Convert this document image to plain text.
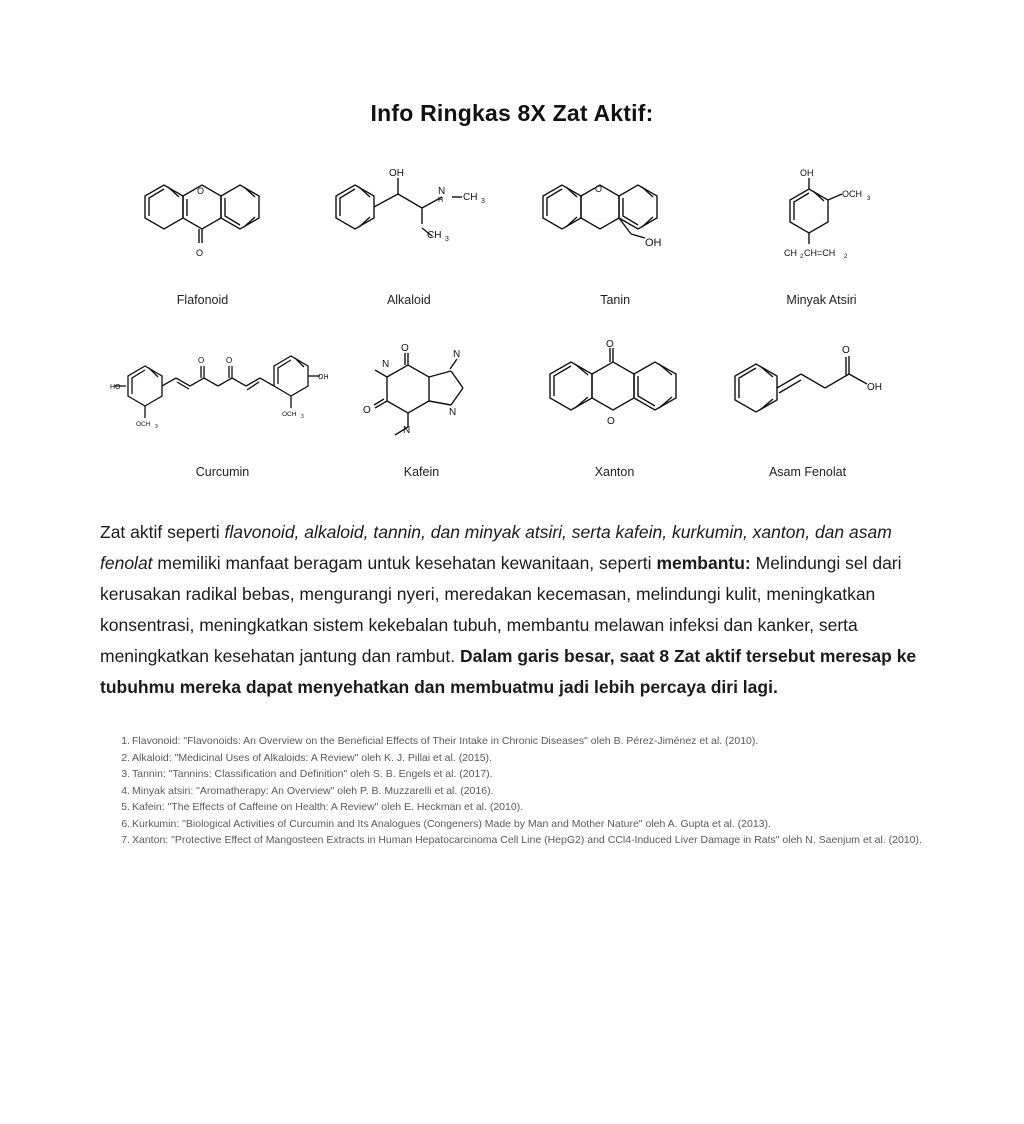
Info Ringkas 8X Zat Aktif:
O
O
Flafonoid
OH
N
H CH 3
CH 3
Alkaloid
O
OH
Tanin
OH
OCH 3
CH 2 CH=CH 2
Minyak Atsiri
HO
OH
OCH 3
OCH 3
O	O
Curcumin
N
O
O
N
N
N
Kafein
O
O
Xanton
O
OH
Asam Fenolat
Zat aktif seperti flavonoid, alkaloid, tannin, dan minyak atsiri, serta kafein, kurkumin, xanton, dan asam fenolat memiliki manfaat beragam untuk kesehatan kewanitaan, seperti membantu: Melindungi sel dari kerusakan radikal bebas, mengurangi nyeri, meredakan kecemasan, melindungi kulit, meningkatkan konsentrasi, meningkatkan sistem kekebalan tubuh, membantu melawan infeksi dan kanker, serta meningkatkan kesehatan jantung dan rambut. Dalam garis besar, saat 8 Zat aktif tersebut meresap ke tubuhmu mereka dapat menyehatkan dan membuatmu jadi lebih percaya diri lagi.
1. Flavonoid: "Flavonoids: An Overview on the Beneficial Effects of Their Intake in Chronic Diseases" oleh B. Pérez-Jiménez et al. (2010).
2. Alkaloid: "Medicinal Uses of Alkaloids: A Review" oleh K. J. Pillai et al. (2015).
3. Tannin: "Tannins: Classification and Definition" oleh S. B. Engels et al. (2017).
4. Minyak atsiri: "Aromatherapy: An Overview" oleh P. B. Muzzarelli et al. (2016).
5. Kafein: "The Effects of Caffeine on Health: A Review" oleh E. Heckman et al. (2010).
6. Kurkumin: "Biological Activities of Curcumin and Its Analogues (Congeners) Made by Man and Mother Nature" oleh A. Gupta et al. (2013).
7. Xanton: "Protective Effect of Mangosteen Extracts in Human Hepatocarcinoma Cell Line (HepG2) and CCl4-Induced Liver Damage in Rats" oleh N. Saenjum et al. (2010).
